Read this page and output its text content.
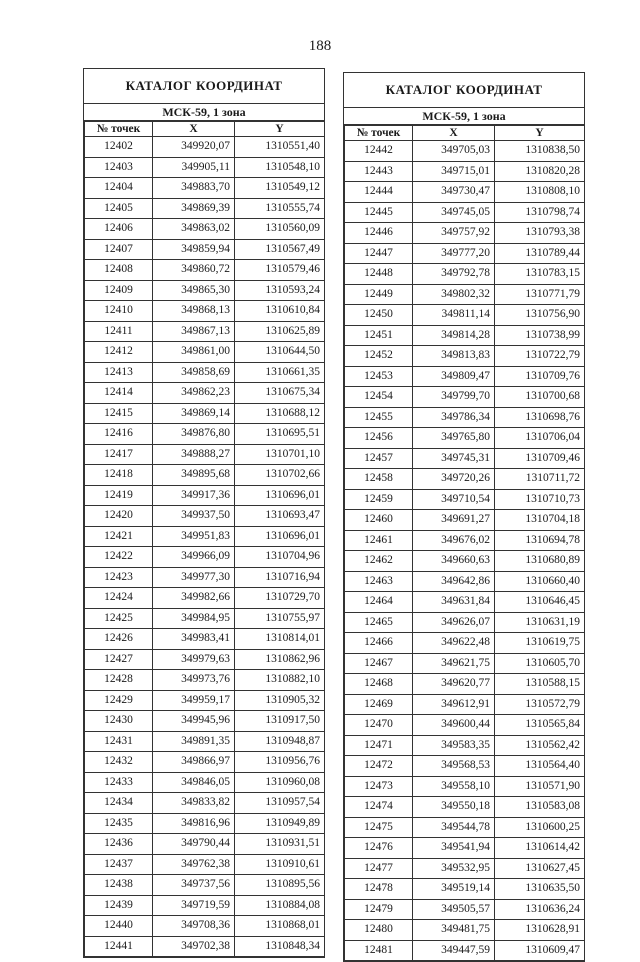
188
КАТАЛОГ КООРДИНАТ
МСК-59, 1 зона
№ точек	X	Y
12402	349920,07	1310551,40
12403	349905,11	1310548,10
12404	349883,70	1310549,12
12405	349869,39	1310555,74
12406	349863,02	1310560,09
12407	349859,94	1310567,49
12408	349860,72	1310579,46
12409	349865,30	1310593,24
12410	349868,13	1310610,84
12411	349867,13	1310625,89
12412	349861,00	1310644,50
12413	349858,69	1310661,35
12414	349862,23	1310675,34
12415	349869,14	1310688,12
12416	349876,80	1310695,51
12417	349888,27	1310701,10
12418	349895,68	1310702,66
12419	349917,36	1310696,01
12420	349937,50	1310693,47
12421	349951,83	1310696,01
12422	349966,09	1310704,96
12423	349977,30	1310716,94
12424	349982,66	1310729,70
12425	349984,95	1310755,97
12426	349983,41	1310814,01
12427	349979,63	1310862,96
12428	349973,76	1310882,10
12429	349959,17	1310905,32
12430	349945,96	1310917,50
12431	349891,35	1310948,87
12432	349866,97	1310956,76
12433	349846,05	1310960,08
12434	349833,82	1310957,54
12435	349816,96	1310949,89
12436	349790,44	1310931,51
12437	349762,38	1310910,61
12438	349737,56	1310895,56
12439	349719,59	1310884,08
12440	349708,36	1310868,01
12441	349702,38	1310848,34
КАТАЛОГ КООРДИНАТ
МСК-59, 1 зона
№ точек	X	Y
12442	349705,03	1310838,50
12443	349715,01	1310820,28
12444	349730,47	1310808,10
12445	349745,05	1310798,74
12446	349757,92	1310793,38
12447	349777,20	1310789,44
12448	349792,78	1310783,15
12449	349802,32	1310771,79
12450	349811,14	1310756,90
12451	349814,28	1310738,99
12452	349813,83	1310722,79
12453	349809,47	1310709,76
12454	349799,70	1310700,68
12455	349786,34	1310698,76
12456	349765,80	1310706,04
12457	349745,31	1310709,46
12458	349720,26	1310711,72
12459	349710,54	1310710,73
12460	349691,27	1310704,18
12461	349676,02	1310694,78
12462	349660,63	1310680,89
12463	349642,86	1310660,40
12464	349631,84	1310646,45
12465	349626,07	1310631,19
12466	349622,48	1310619,75
12467	349621,75	1310605,70
12468	349620,77	1310588,15
12469	349612,91	1310572,79
12470	349600,44	1310565,84
12471	349583,35	1310562,42
12472	349568,53	1310564,40
12473	349558,10	1310571,90
12474	349550,18	1310583,08
12475	349544,78	1310600,25
12476	349541,94	1310614,42
12477	349532,95	1310627,45
12478	349519,14	1310635,50
12479	349505,57	1310636,24
12480	349481,75	1310628,91
12481	349447,59	1310609,47
